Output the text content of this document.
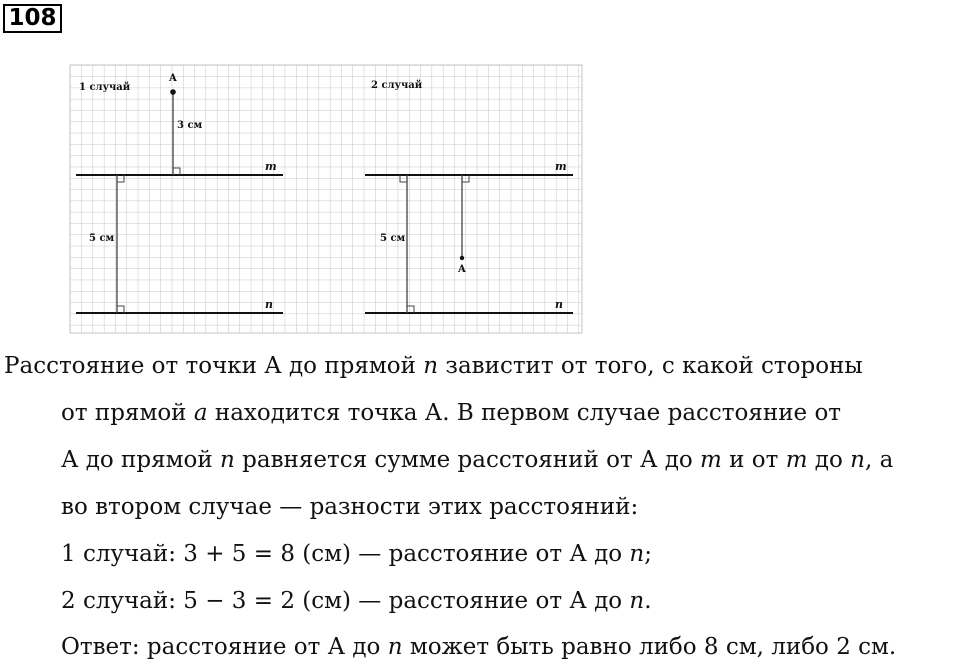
108
1 случай
m
n
A
3 см
5 см
2 случай
m
n
5 см
A
Расстояние от точки А до прямой n завистит от того, с какой стороны
от прямой a находится точка А. В первом случае расстояние от
А до прямой n равняется сумме расстояний от А до m и от m до n, а
во втором случае — разности этих расстояний:
1 случай: 3 + 5 = 8 (см) — расстояние от А до n;
2 случай: 5 − 3 = 2 (см) — расстояние от А до n.
Ответ: расстояние от А до n может быть равно либо 8 см, либо 2 см.
